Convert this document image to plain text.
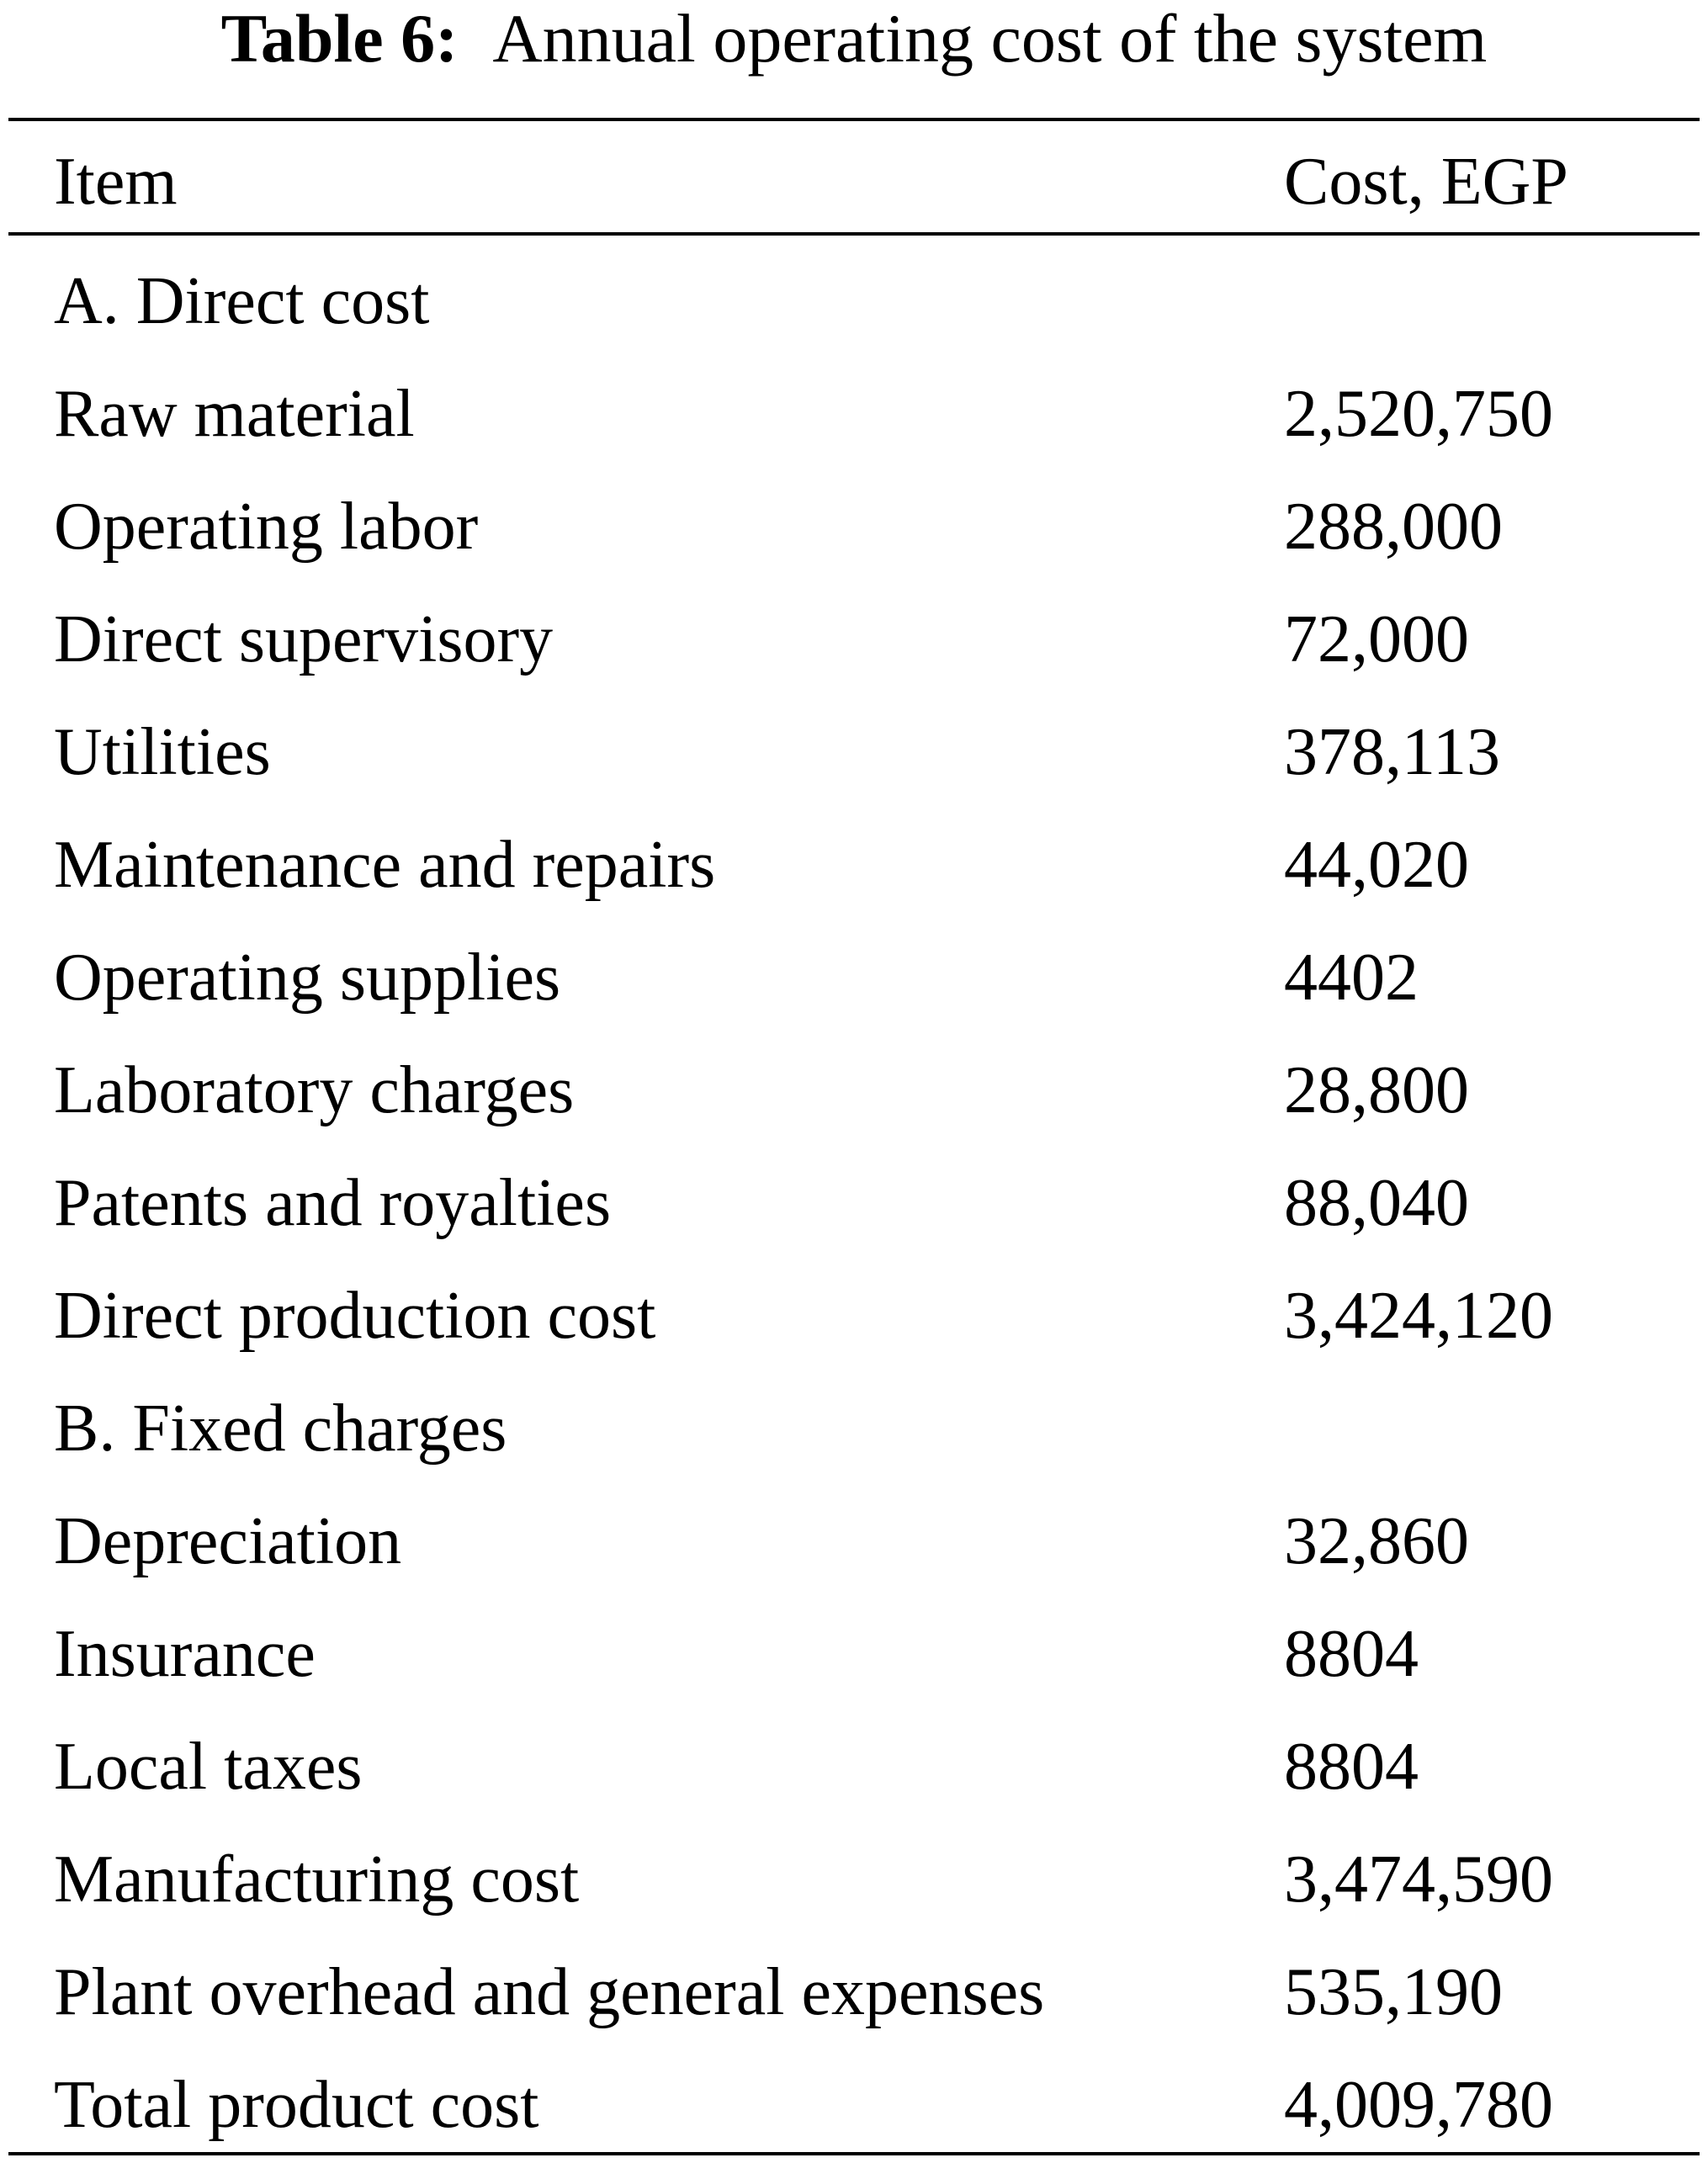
Table 6: Annual operating cost of the system
Item	Cost, EGP
A. Direct cost
Raw material	2,520,750
Operating labor	288,000
Direct supervisory	72,000
Utilities	378,113
Maintenance and repairs	44,020
Operating supplies	4402
Laboratory charges	28,800
Patents and royalties	88,040
Direct production cost	3,424,120
B. Fixed charges
Depreciation	32,860
Insurance	8804
Local taxes	8804
Manufacturing cost	3,474,590
Plant overhead and general expenses	535,190
Total product cost	4,009,780
